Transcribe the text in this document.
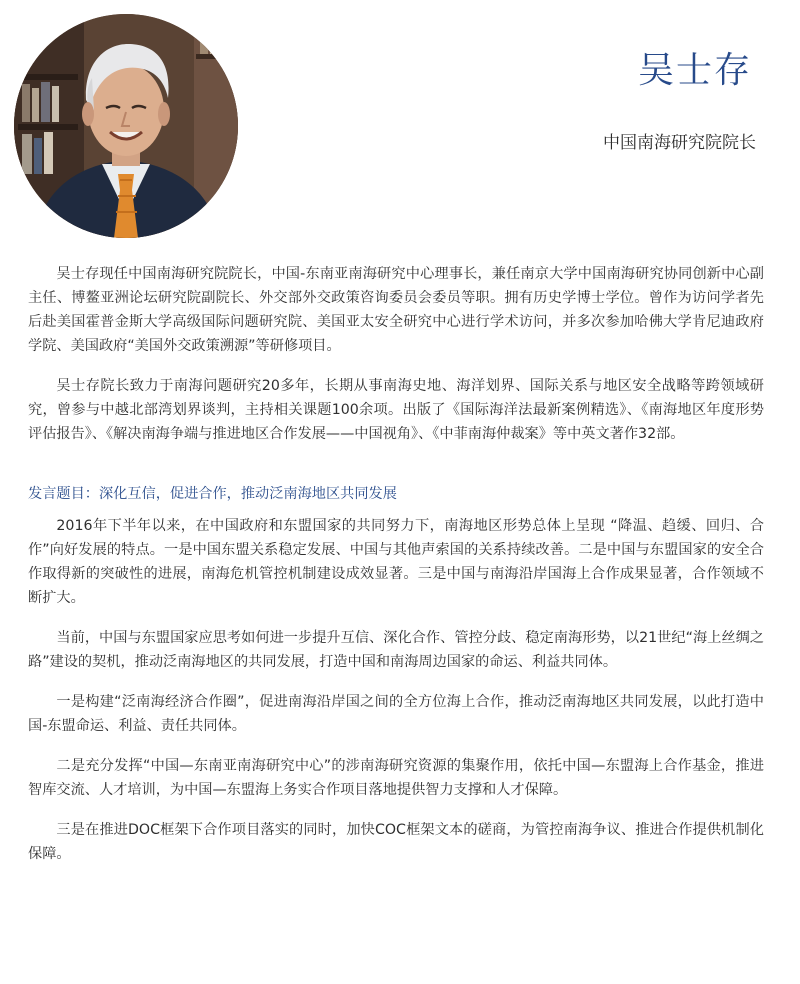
吴士存
中国南海研究院院长

吴士存现任中国南海研究院院长，中国-东南亚南海研究中心理事长，兼任南京大学中国南海研究协同创新中心副主任、博鳌亚洲论坛研究院副院长、外交部外交政策咨询委员会委员等职。拥有历史学博士学位。曾作为访问学者先后赴美国霍普金斯大学高级国际问题研究院、美国亚太安全研究中心进行学术访问，并多次参加哈佛大学肯尼迪政府学院、美国政府“美国外交政策溯源”等研修项目。

吴士存院长致力于南海问题研究20多年，长期从事南海史地、海洋划界、国际关系与地区安全战略等跨领域研究，曾参与中越北部湾划界谈判，主持相关课题100余项。出版了《国际海洋法最新案例精选》、《南海地区年度形势评估报告》、《解决南海争端与推进地区合作发展——中国视角》、《中菲南海仲裁案》等中英文著作32部。

发言题目：深化互信，促进合作，推动泛南海地区共同发展

2016年下半年以来，在中国政府和东盟国家的共同努力下，南海地区形势总体上呈现 “降温、趋缓、回归、合作”向好发展的特点。一是中国东盟关系稳定发展、中国与其他声索国的关系持续改善。二是中国与东盟国家的安全合作取得新的突破性的进展，南海危机管控机制建设成效显著。三是中国与南海沿岸国海上合作成果显著，合作领域不断扩大。

当前，中国与东盟国家应思考如何进一步提升互信、深化合作、管控分歧、稳定南海形势，以21世纪“海上丝绸之路”建设的契机，推动泛南海地区的共同发展，打造中国和南海周边国家的命运、利益共同体。

一是构建“泛南海经济合作圈”，促进南海沿岸国之间的全方位海上合作，推动泛南海地区共同发展，以此打造中国-东盟命运、利益、责任共同体。

二是充分发挥“中国—东南亚南海研究中心”的涉南海研究资源的集聚作用，依托中国—东盟海上合作基金，推进智库交流、人才培训，为中国—东盟海上务实合作项目落地提供智力支撑和人才保障。

三是在推进DOC框架下合作项目落实的同时，加快COC框架文本的磋商，为管控南海争议、推进合作提供机制化保障。
